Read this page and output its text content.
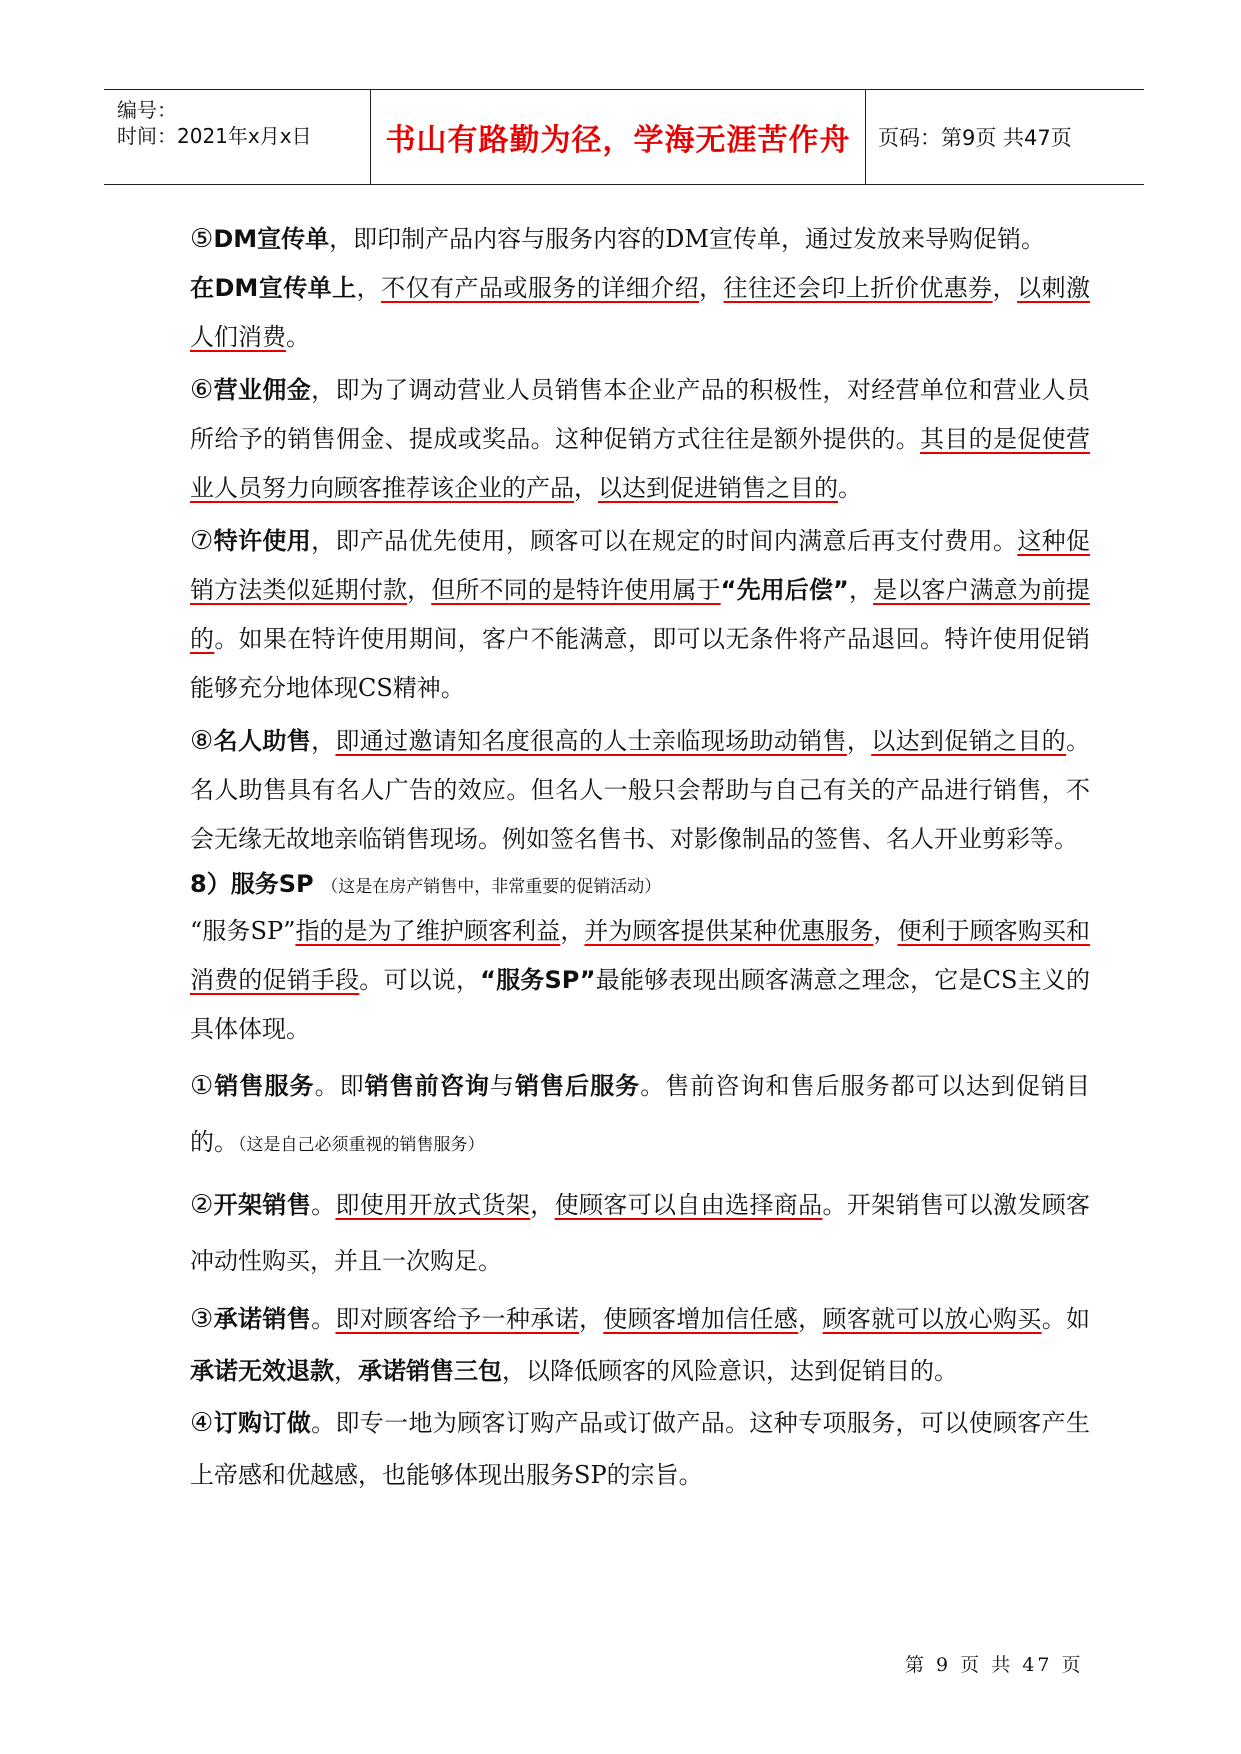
编号：
时间：2021年x月x日	书山有路勤为径，学海无涯苦作舟	页码：第9页 共47页

⑤DM宣传单，即印制产品内容与服务内容的DM宣传单，通过发放来导购促销。

在DM宣传单上，不仅有产品或服务的详细介绍，往往还会印上折价优惠券，以刺激人们消费。

⑥营业佣金，即为了调动营业人员销售本企业产品的积极性，对经营单位和营业人员所给予的销售佣金、提成或奖品。这种促销方式往往是额外提供的。其目的是促使营业人员努力向顾客推荐该企业的产品，以达到促进销售之目的。

⑦特许使用，即产品优先使用，顾客可以在规定的时间内满意后再支付费用。这种促销方法类似延期付款，但所不同的是特许使用属于“先用后偿”，是以客户满意为前提的。如果在特许使用期间，客户不能满意，即可以无条件将产品退回。特许使用促销能够充分地体现CS精神。

⑧名人助售，即通过邀请知名度很高的人士亲临现场助动销售，以达到促销之目的。名人助售具有名人广告的效应。但名人一般只会帮助与自己有关的产品进行销售，不会无缘无故地亲临销售现场。例如签名售书、对影像制品的签售、名人开业剪彩等。

8）服务SP （这是在房产销售中，非常重要的促销活动）

“服务SP”指的是为了维护顾客利益，并为顾客提供某种优惠服务，便利于顾客购买和消费的促销手段。可以说，“服务SP”最能够表现出顾客满意之理念，它是CS主义的具体体现。

①销售服务。即销售前咨询与销售后服务。售前咨询和售后服务都可以达到促销目的。（这是自己必须重视的销售服务）

②开架销售。即使用开放式货架，使顾客可以自由选择商品。开架销售可以激发顾客冲动性购买，并且一次购足。

③承诺销售。即对顾客给予一种承诺，使顾客增加信任感，顾客就可以放心购买。如承诺无效退款，承诺销售三包，以降低顾客的风险意识，达到促销目的。

④订购订做。即专一地为顾客订购产品或订做产品。这种专项服务，可以使顾客产生上帝感和优越感，也能够体现出服务SP的宗旨。

第 9 页 共 47 页
